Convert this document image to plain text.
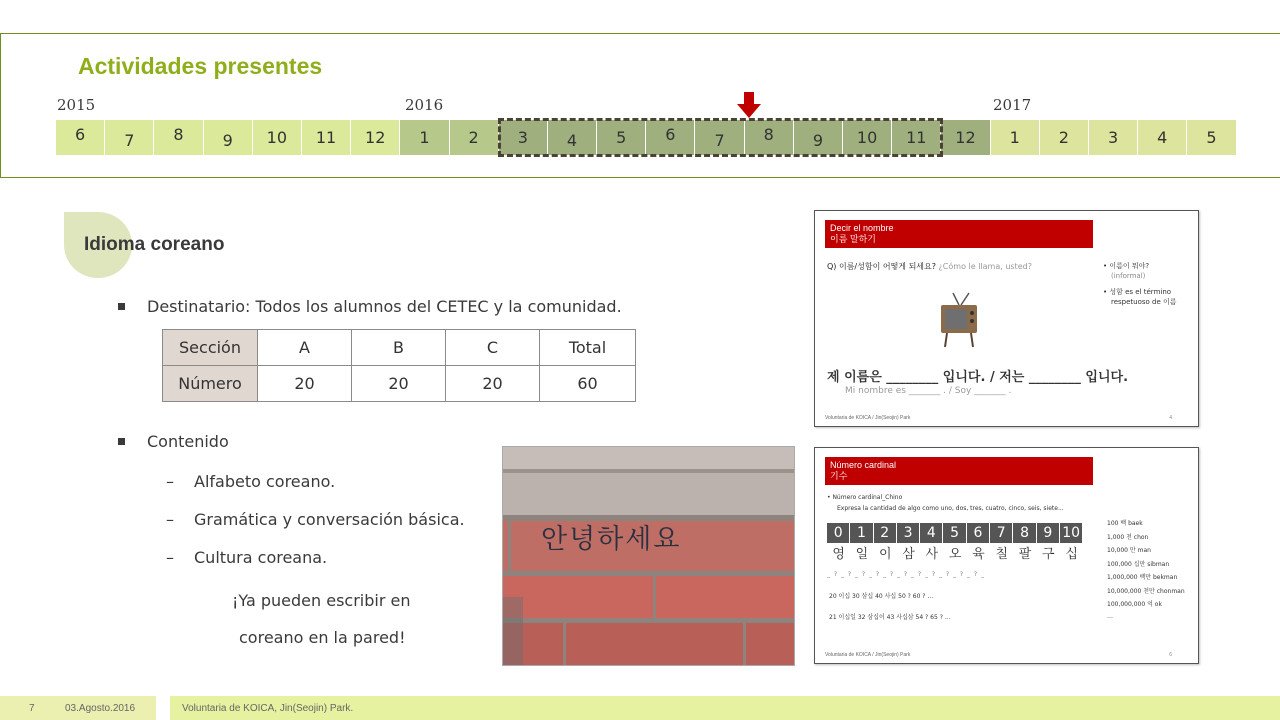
Actividades presentes
2015	2016	2017
6 7 8 9 10 11 12 1 2 3 4 5 6 7 8 9 10 11 12 1 2 3 4 5
Idioma coreano
Destinatario: Todos los alumnos del CETEC y la comunidad.
Sección	A	B	C	Total
Número	20	20	20	60
Contenido
– Alfabeto coreano.
– Gramática y conversación básica.
– Cultura coreana.
¡Ya pueden escribir en
coreano en la pared!
안녕하세요
Decir el nombre
이름 말하기
Q) 이름/성함이 어떻게 되세요? ¿Cómo le llama, usted?	• 이름이 뭐야?
(informal)
• 성함 es el término
respetuoso de 이름
제 이름은 ________ 입니다. / 저는 ________ 입니다.
Mi nombre es _______ . / Soy _______ .
Voluntaria de KOICA / Jin(Seojin) Park	4
Número cardinal
기수
• Número cardinal_Chino
Expresa la cantidad de algo como uno, dos, tres, cuatro, cinco, seis, siete...
0	1	2	3	4	5	6	7	8	9 10
영 일 이 삼 사 오 육 칠 팔 구 십
_ ? _ ? _ ? _ ? _ ? _ ? _ ? _ ? _ ? _ ? _ ? _
20 이십 30 삼십 40 사십 50 ? 60 ? …
21 이십일 32 삼십이 43 사십삼 54 ? 65 ? …
100 백 baek
1,000 천 chon
10,000 만 man
100,000 십만 sibman
1,000,000 백만 bekman
10,000,000 천만 chonman
100,000,000 억 ok
…
Voluntaria de KOICA / Jin(Seojin) Park	6
7	03.Agosto.2016	Voluntaria de KOICA, Jin(Seojin) Park.
